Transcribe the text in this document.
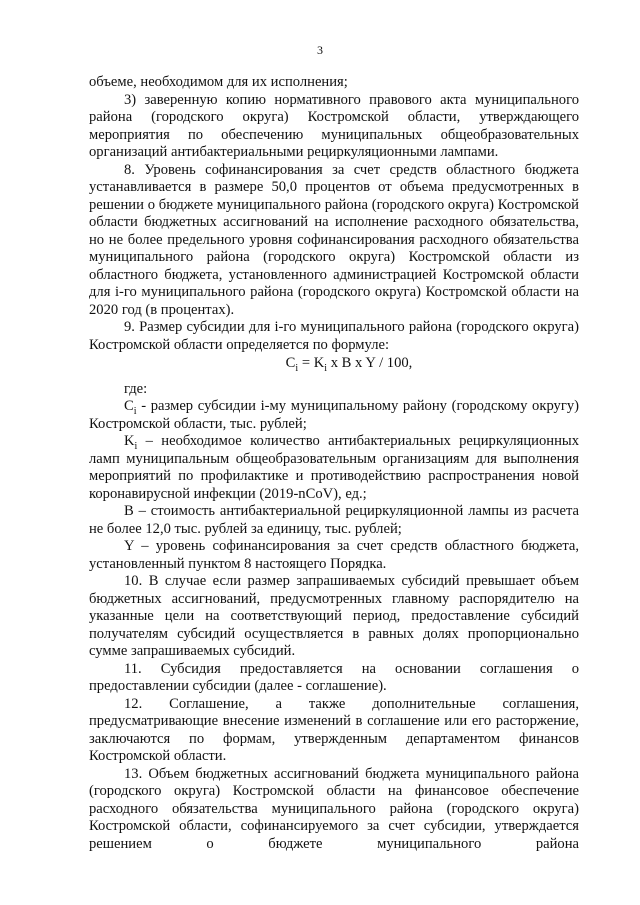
3

объеме, необходимом для их исполнения;

3) заверенную копию нормативного правового акта муниципального района (городского округа) Костромской области, утверждающего мероприятия по обеспечению муниципальных общеобразовательных организаций антибактериальными рециркуляционными лампами.

8. Уровень софинансирования за счет средств областного бюджета устанавливается в размере 50,0 процентов от объема предусмотренных в решении о бюджете муниципального района (городского округа) Костромской области бюджетных ассигнований на исполнение расходного обязательства, но не более предельного уровня софинансирования расходного обязательства муниципального района (городского округа) Костромской области из областного бюджета, установленного администрацией Костромской области для i-го муниципального района (городского округа) Костромской области на 2020 год (в процентах).

9. Размер субсидии для i-го муниципального района (городского округа) Костромской области определяется по формуле:

$C_i = K_i$ x B x Y / 100,

где:

$C_i$ - размер субсидии i-му муниципальному району (городскому округу) Костромской области, тыс. рублей;

$K_i$ – необходимое количество антибактериальных рециркуляционных ламп муниципальным общеобразовательным организациям для выполнения мероприятий по профилактике и противодействию распространения новой коронавирусной инфекции (2019-nCoV), ед.;

B – стоимость антибактериальной рециркуляционной лампы из расчета не более 12,0 тыс. рублей за единицу, тыс. рублей;

Y – уровень софинансирования за счет средств областного бюджета, установленный пунктом 8 настоящего Порядка.

10. В случае если размер запрашиваемых субсидий превышает объем бюджетных ассигнований, предусмотренных главному распорядителю на указанные цели на соответствующий период, предоставление субсидий получателям субсидий осуществляется в равных долях пропорционально сумме запрашиваемых субсидий.

11. Субсидия предоставляется на основании соглашения о предоставлении субсидии (далее - соглашение).

12. Соглашение, а также дополнительные соглашения, предусматривающие внесение изменений в соглашение или его расторжение, заключаются по формам, утвержденным департаментом финансов Костромской области.

13. Объем бюджетных ассигнований бюджета муниципального района (городского округа) Костромской области на финансовое обеспечение расходного обязательства муниципального района (городского округа) Костромской области, софинансируемого за счет субсидии, утверждается решением о бюджете муниципального района
